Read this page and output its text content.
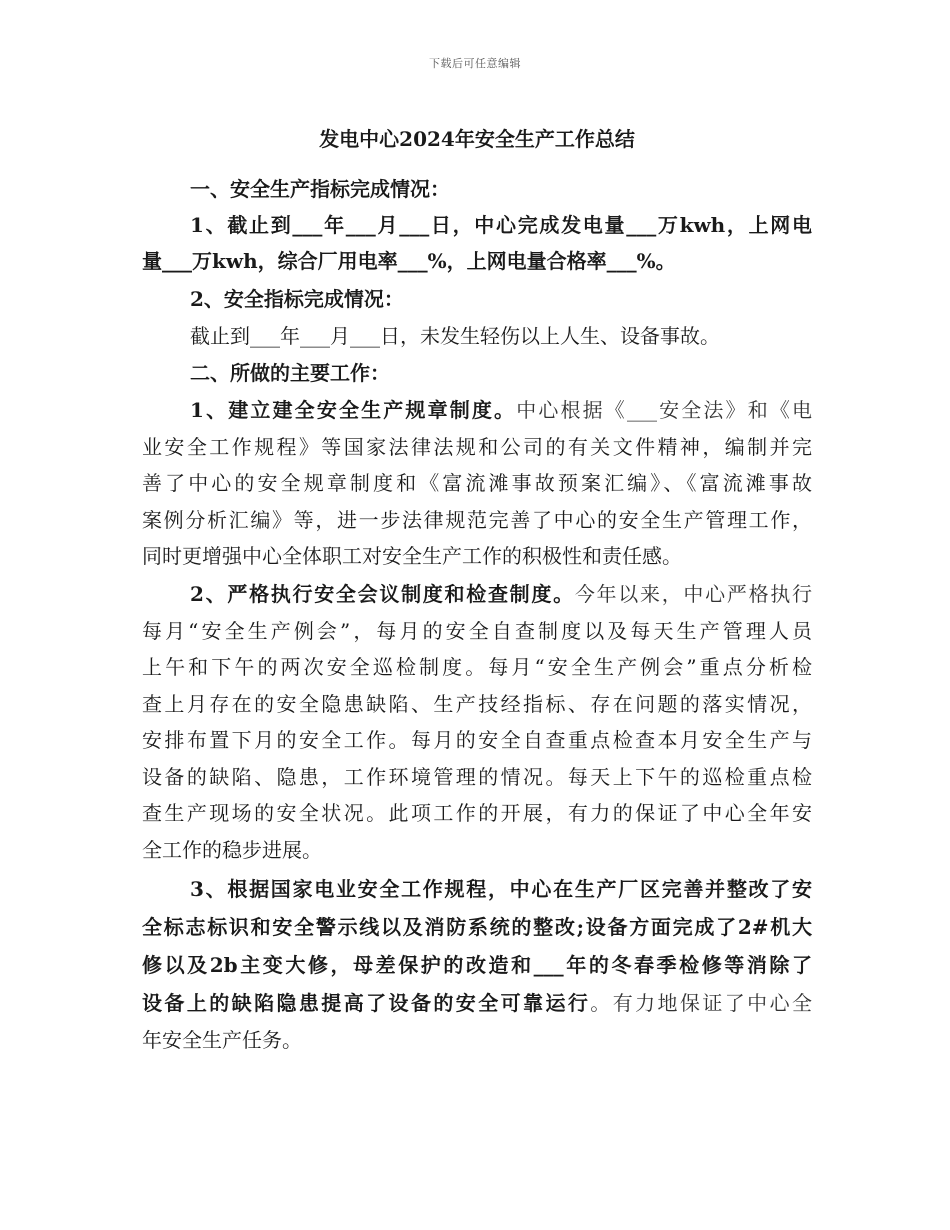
下载后可任意编辑
发电中心2024年安全生产工作总结
一、安全生产指标完成情况：
1、截止到___年___月___日，中心完成发电量___万kwh，上网电
量___万kwh，综合厂用电率___%，上网电量合格率___%。
2、安全指标完成情况：
截止到___年___月___日，未发生轻伤以上人生、设备事故。
二、所做的主要工作：
1、建立建全安全生产规章制度。中心根据《___安全法》和《电
业安全工作规程》等国家法律法规和公司的有关文件精神，编制并完
善了中心的安全规章制度和《富流滩事故预案汇编》、《富流滩事故
案例分析汇编》等，进一步法律规范完善了中心的安全生产管理工作，
同时更增强中心全体职工对安全生产工作的积极性和责任感。
2、严格执行安全会议制度和检查制度。今年以来，中心严格执行
每月“安全生产例会”，每月的安全自查制度以及每天生产管理人员
上午和下午的两次安全巡检制度。每月“安全生产例会”重点分析检
查上月存在的安全隐患缺陷、生产技经指标、存在问题的落实情况，
安排布置下月的安全工作。每月的安全自查重点检查本月安全生产与
设备的缺陷、隐患，工作环境管理的情况。每天上下午的巡检重点检
查生产现场的安全状况。此项工作的开展，有力的保证了中心全年安
全工作的稳步进展。
3、根据国家电业安全工作规程，中心在生产厂区完善并整改了安
全标志标识和安全警示线以及消防系统的整改;设备方面完成了2#机大
修以及2b主变大修，母差保护的改造和___年的冬春季检修等消除了
设备上的缺陷隐患提高了设备的安全可靠运行。有力地保证了中心全
年安全生产任务。
